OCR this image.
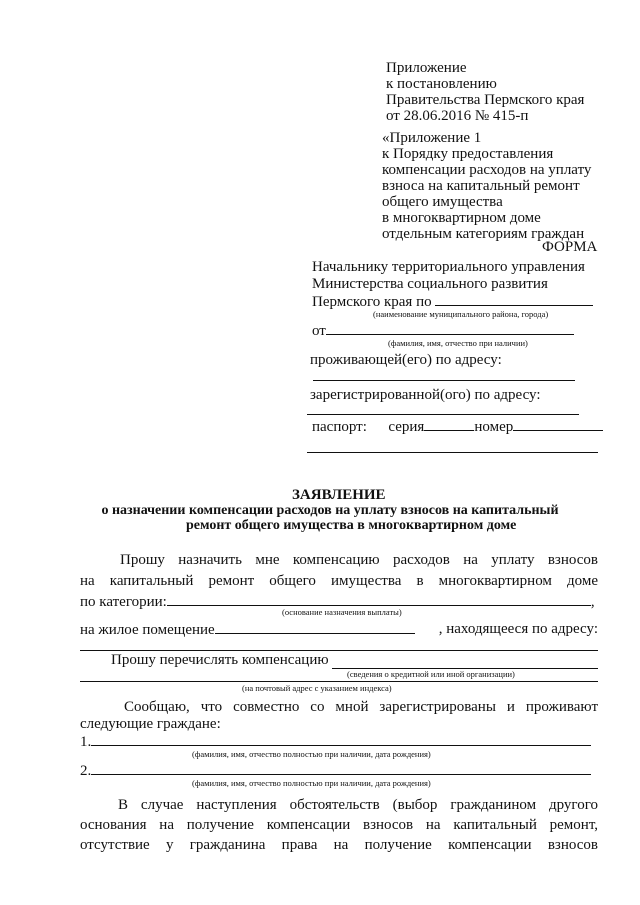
Приложение
к постановлению
Правительства Пермского края
от 28.06.2016 № 415-п
«Приложение 1
к Порядку предоставления
компенсации расходов на уплату
взноса на капитальный ремонт
общего имущества
в многоквартирном доме
отдельным категориям граждан
ФОРМА
Начальнику территориального управления
Министерства социального развития
Пермского края по
(наименование муниципального района, города)
от
(фамилия, имя, отчество при наличии)
проживающей(его) по адресу:
зарегистрированной(ого) по адресу:
паспорт: серия	номер
ЗАЯВЛЕНИЕ
о назначении компенсации расходов на уплату взносов на капитальный
ремонт общего имущества в многоквартирном доме
Прошу назначить мне компенсацию расходов на уплату взносов
на капитальный ремонт общего имущества в многоквартирном доме
по категории:	,
(основание назначения выплаты)
на жилое помещение	, находящееся по адресу:
Прошу перечислять компенсацию
(сведения о кредитной или иной организации)
(на почтовый адрес с указанием индекса)
Сообщаю, что совместно со мной зарегистрированы и проживают
следующие граждане:
1.
(фамилия, имя, отчество полностью при наличии, дата рождения)
2.
(фамилия, имя, отчество полностью при наличии, дата рождения)
В случае наступления обстоятельств (выбор гражданином другого
основания на получение компенсации взносов на капитальный ремонт,
отсутствие у гражданина права на получение компенсации взносов
